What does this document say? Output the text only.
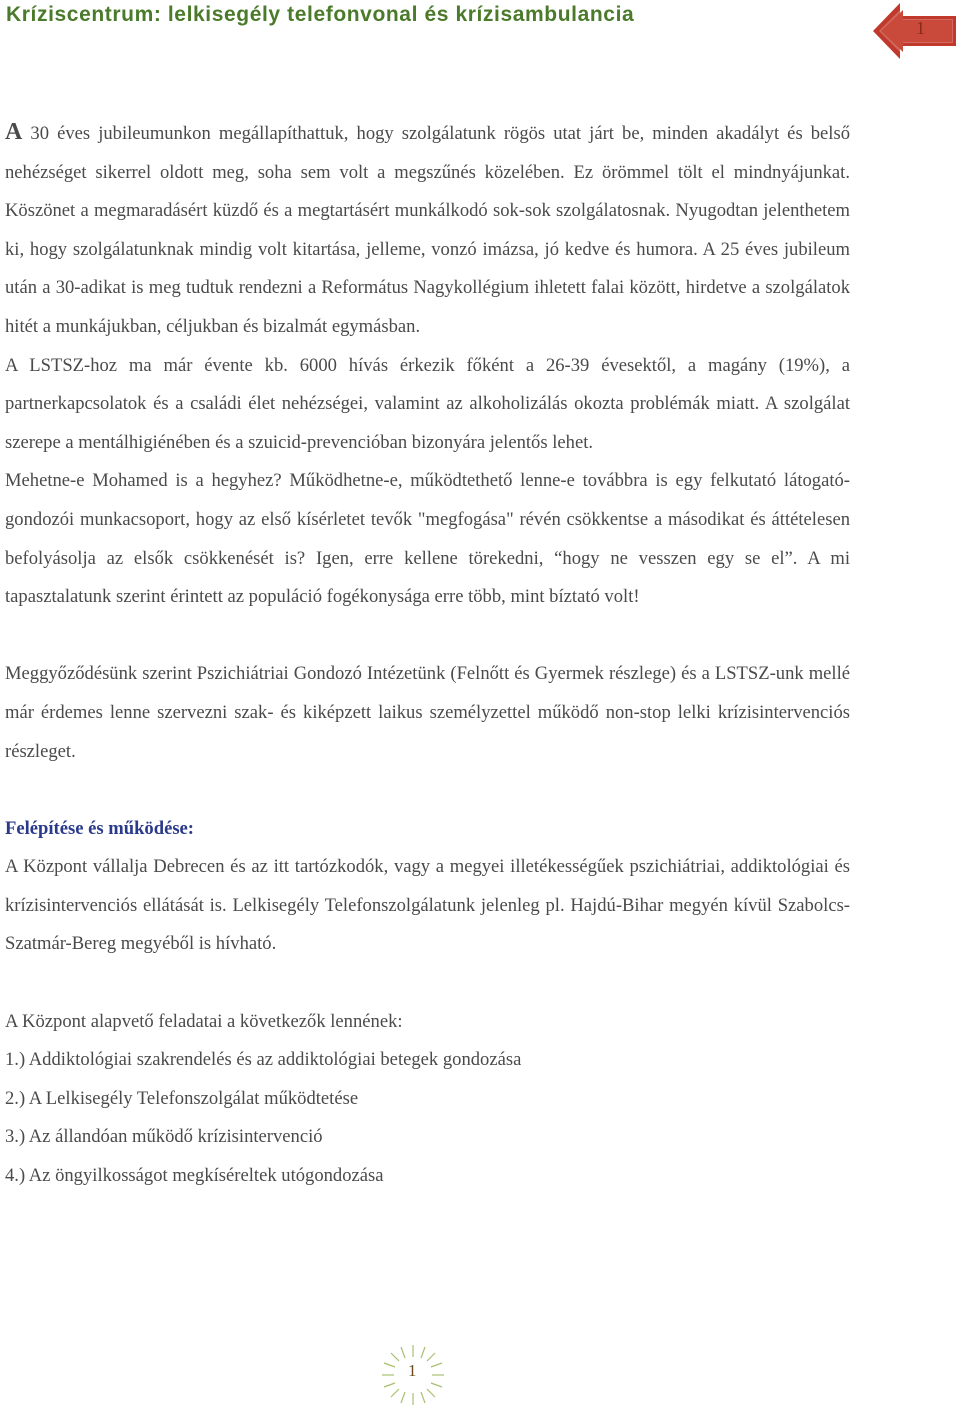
Kríziscentrum: lelkisegély telefonvonal és krízisambulancia
1

A 30 éves jubileumunkon megállapíthattuk, hogy szolgálatunk rögös utat járt be, minden akadályt és belső nehézséget sikerrel oldott meg, soha sem volt a megszűnés közelében. Ez örömmel tölt el mindnyájunkat. Köszönet a megmaradásért küzdő és a megtartásért munkálkodó sok-sok szolgálatosnak. Nyugodtan jelenthetem ki, hogy szolgálatunknak mindig volt kitartása, jelleme, vonzó imázsa, jó kedve és humora. A 25 éves jubileum után a 30-adikat is meg tudtuk rendezni a Református Nagykollégium ihletett falai között, hirdetve a szolgálatok hitét a munkájukban, céljukban és bizalmát egymásban.

A LSTSZ-hoz ma már évente kb. 6000 hívás érkezik főként a 26-39 évesektől, a magány (19%), a partnerkapcsolatok és a családi élet nehézségei, valamint az alkoholizálás okozta problémák miatt. A szolgálat szerepe a mentálhigiénében és a szuicid-prevencióban bizonyára jelentős lehet.

Mehetne-e Mohamed is a hegyhez? Működhetne-e, működtethető lenne-e továbbra is egy felkutató látogató-gondozói munkacsoport, hogy az első kísérletet tevők "megfogása" révén csökkentse a másodikat és áttételesen befolyásolja az elsők csökkenését is? Igen, erre kellene törekedni, “hogy ne vesszen egy se el”. A mi tapasztalatunk szerint érintett az populáció fogékonysága erre több, mint bíztató volt!

Meggyőződésünk szerint Pszichiátriai Gondozó Intézetünk (Felnőtt és Gyermek részlege) és a LSTSZ-unk mellé már érdemes lenne szervezni szak- és kiképzett laikus személyzettel működő non-stop lelki krízisintervenciós részleget.

Felépítése és működése:

A Központ vállalja Debrecen és az itt tartózkodók, vagy a megyei illetékességűek pszichiátriai, addiktológiai és krízisintervenciós ellátását is. Lelkisegély Telefonszolgálatunk jelenleg pl. Hajdú-Bihar megyén kívül Szabolcs-Szatmár-Bereg megyéből is hívható.

A Központ alapvető feladatai a következők lennének:

1.) Addiktológiai szakrendelés és az addiktológiai betegek gondozása

2.) A Lelkisegély Telefonszolgálat működtetése

3.) Az állandóan működő krízisintervenció

4.) Az öngyilkosságot megkíséreltek utógondozása

1
